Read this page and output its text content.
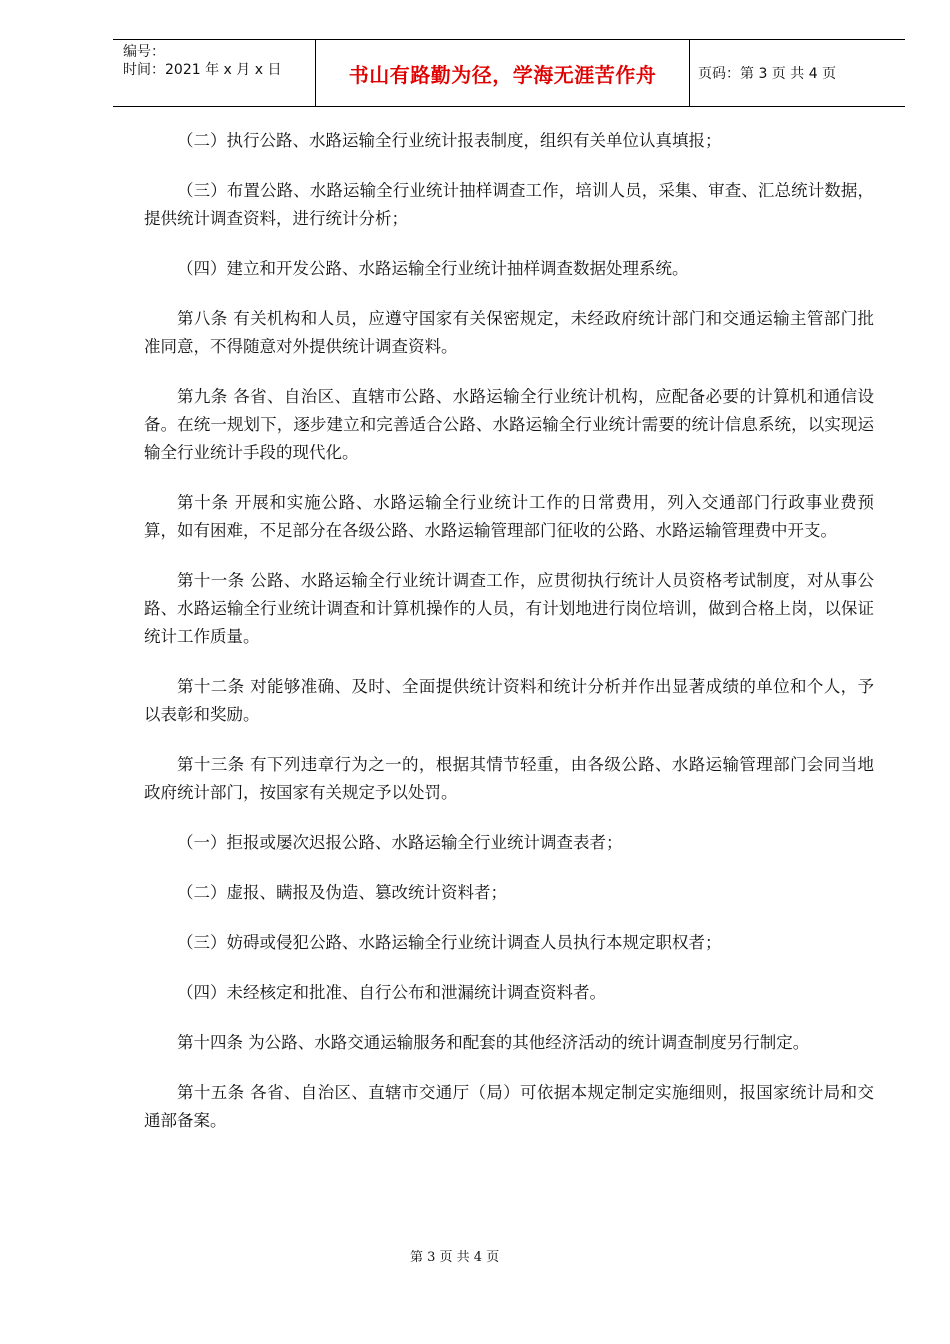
编号：
时间：2021 年 x 月 x 日	书山有路勤为径，学海无涯苦作舟	页码：第 3 页 共 4 页

（二）执行公路、水路运输全行业统计报表制度，组织有关单位认真填报；

（三）布置公路、水路运输全行业统计抽样调查工作，培训人员，采集、审查、汇总统计数据，提供统计调查资料，进行统计分析；

（四）建立和开发公路、水路运输全行业统计抽样调查数据处理系统。

第八条 有关机构和人员，应遵守国家有关保密规定，未经政府统计部门和交通运输主管部门批准同意，不得随意对外提供统计调查资料。

第九条 各省、自治区、直辖市公路、水路运输全行业统计机构，应配备必要的计算机和通信设备。在统一规划下，逐步建立和完善适合公路、水路运输全行业统计需要的统计信息系统，以实现运输全行业统计手段的现代化。

第十条 开展和实施公路、水路运输全行业统计工作的日常费用，列入交通部门行政事业费预算，如有困难，不足部分在各级公路、水路运输管理部门征收的公路、水路运输管理费中开支。

第十一条 公路、水路运输全行业统计调查工作，应贯彻执行统计人员资格考试制度，对从事公路、水路运输全行业统计调查和计算机操作的人员，有计划地进行岗位培训，做到合格上岗，以保证统计工作质量。

第十二条 对能够准确、及时、全面提供统计资料和统计分析并作出显著成绩的单位和个人，予以表彰和奖励。

第十三条 有下列违章行为之一的，根据其情节轻重，由各级公路、水路运输管理部门会同当地政府统计部门，按国家有关规定予以处罚。

（一）拒报或屡次迟报公路、水路运输全行业统计调查表者；

（二）虚报、瞒报及伪造、篡改统计资料者；

（三）妨碍或侵犯公路、水路运输全行业统计调查人员执行本规定职权者；

（四）未经核定和批准、自行公布和泄漏统计调查资料者。

第十四条 为公路、水路交通运输服务和配套的其他经济活动的统计调查制度另行制定。

第十五条 各省、自治区、直辖市交通厅（局）可依据本规定制定实施细则，报国家统计局和交通部备案。

第 3 页 共 4 页
